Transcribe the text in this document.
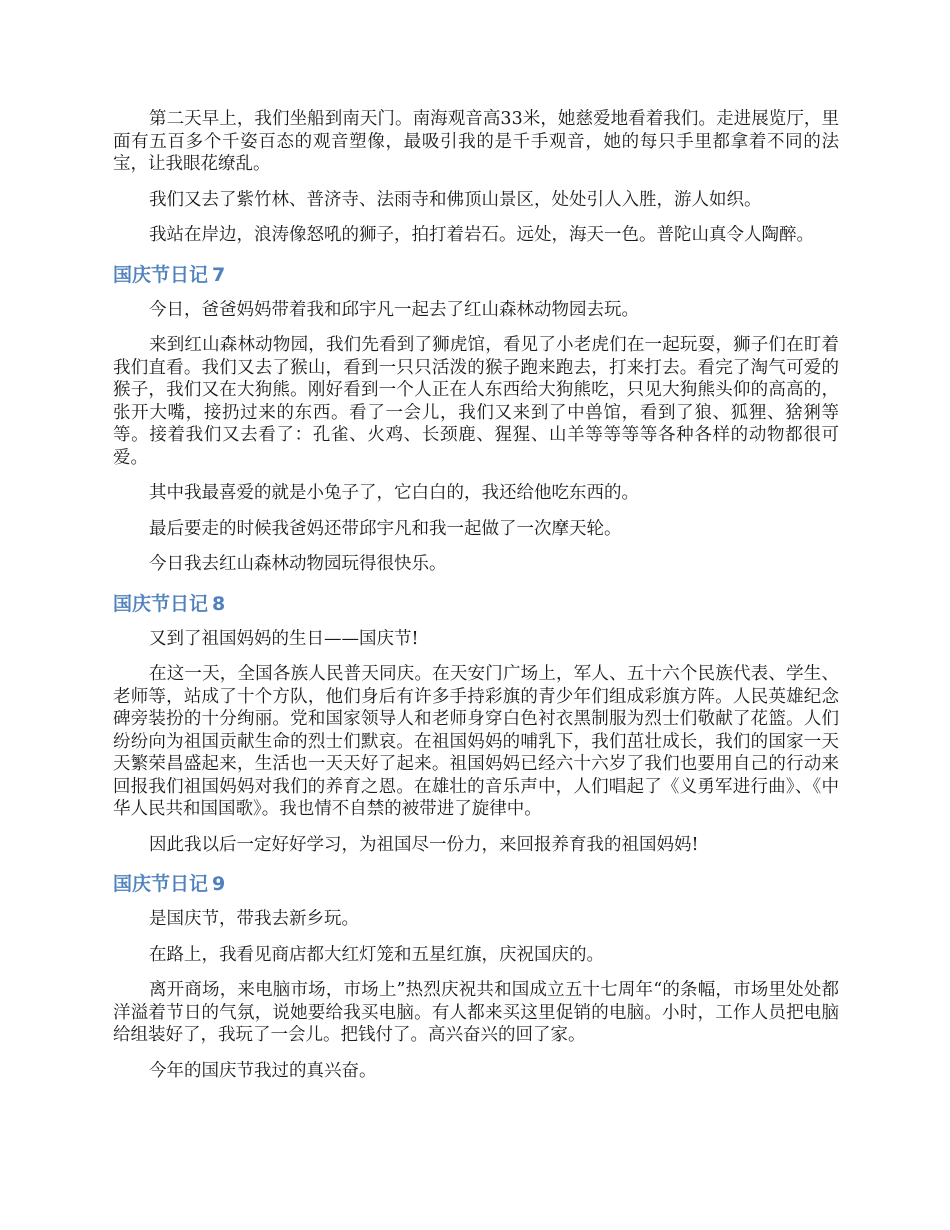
第二天早上，我们坐船到南天门。南海观音高33米，她慈爱地看着我们。走进展览厅，里面有五百多个千姿百态的观音塑像，最吸引我的是千手观音，她的每只手里都拿着不同的法宝，让我眼花缭乱。

我们又去了紫竹林、普济寺、法雨寺和佛顶山景区，处处引人入胜，游人如织。

我站在岸边，浪涛像怒吼的狮子，拍打着岩石。远处，海天一色。普陀山真令人陶醉。

国庆节日记 7

今日，爸爸妈妈带着我和邱宇凡一起去了红山森林动物园去玩。

来到红山森林动物园，我们先看到了狮虎馆，看见了小老虎们在一起玩耍，狮子们在盯着我们直看。我们又去了猴山，看到一只只活泼的猴子跑来跑去，打来打去。看完了淘气可爱的猴子，我们又在大狗熊。刚好看到一个人正在人东西给大狗熊吃，只见大狗熊头仰的高高的，张开大嘴，接扔过来的东西。看了一会儿，我们又来到了中兽馆，看到了狼、狐狸、猞猁等等。接着我们又去看了：孔雀、火鸡、长颈鹿、猩猩、山羊等等等等各种各样的动物都很可爱。

其中我最喜爱的就是小兔子了，它白白的，我还给他吃东西的。

最后要走的时候我爸妈还带邱宇凡和我一起做了一次摩天轮。

今日我去红山森林动物园玩得很快乐。

国庆节日记 8

又到了祖国妈妈的生日——国庆节!

在这一天，全国各族人民普天同庆。在天安门广场上，军人、五十六个民族代表、学生、老师等，站成了十个方队，他们身后有许多手持彩旗的青少年们组成彩旗方阵。人民英雄纪念碑旁装扮的十分绚丽。党和国家领导人和老师身穿白色衬衣黑制服为烈士们敬献了花篮。人们纷纷向为祖国贡献生命的烈士们默哀。在祖国妈妈的哺乳下，我们茁壮成长，我们的国家一天天繁荣昌盛起来，生活也一天天好了起来。祖国妈妈已经六十六岁了我们也要用自己的行动来回报我们祖国妈妈对我们的养育之恩。在雄壮的音乐声中，人们唱起了《义勇军进行曲》、《中华人民共和国国歌》。我也情不自禁的被带进了旋律中。

因此我以后一定好好学习，为祖国尽一份力，来回报养育我的祖国妈妈!

国庆节日记 9

是国庆节，带我去新乡玩。

在路上，我看见商店都大红灯笼和五星红旗，庆祝国庆的。

离开商场，来电脑市场，市场上”热烈庆祝共和国成立五十七周年“的条幅，市场里处处都洋溢着节日的气氛，说她要给我买电脑。有人都来买这里促销的电脑。小时，工作人员把电脑给组装好了，我玩了一会儿。把钱付了。高兴奋兴的回了家。

今年的国庆节我过的真兴奋。
